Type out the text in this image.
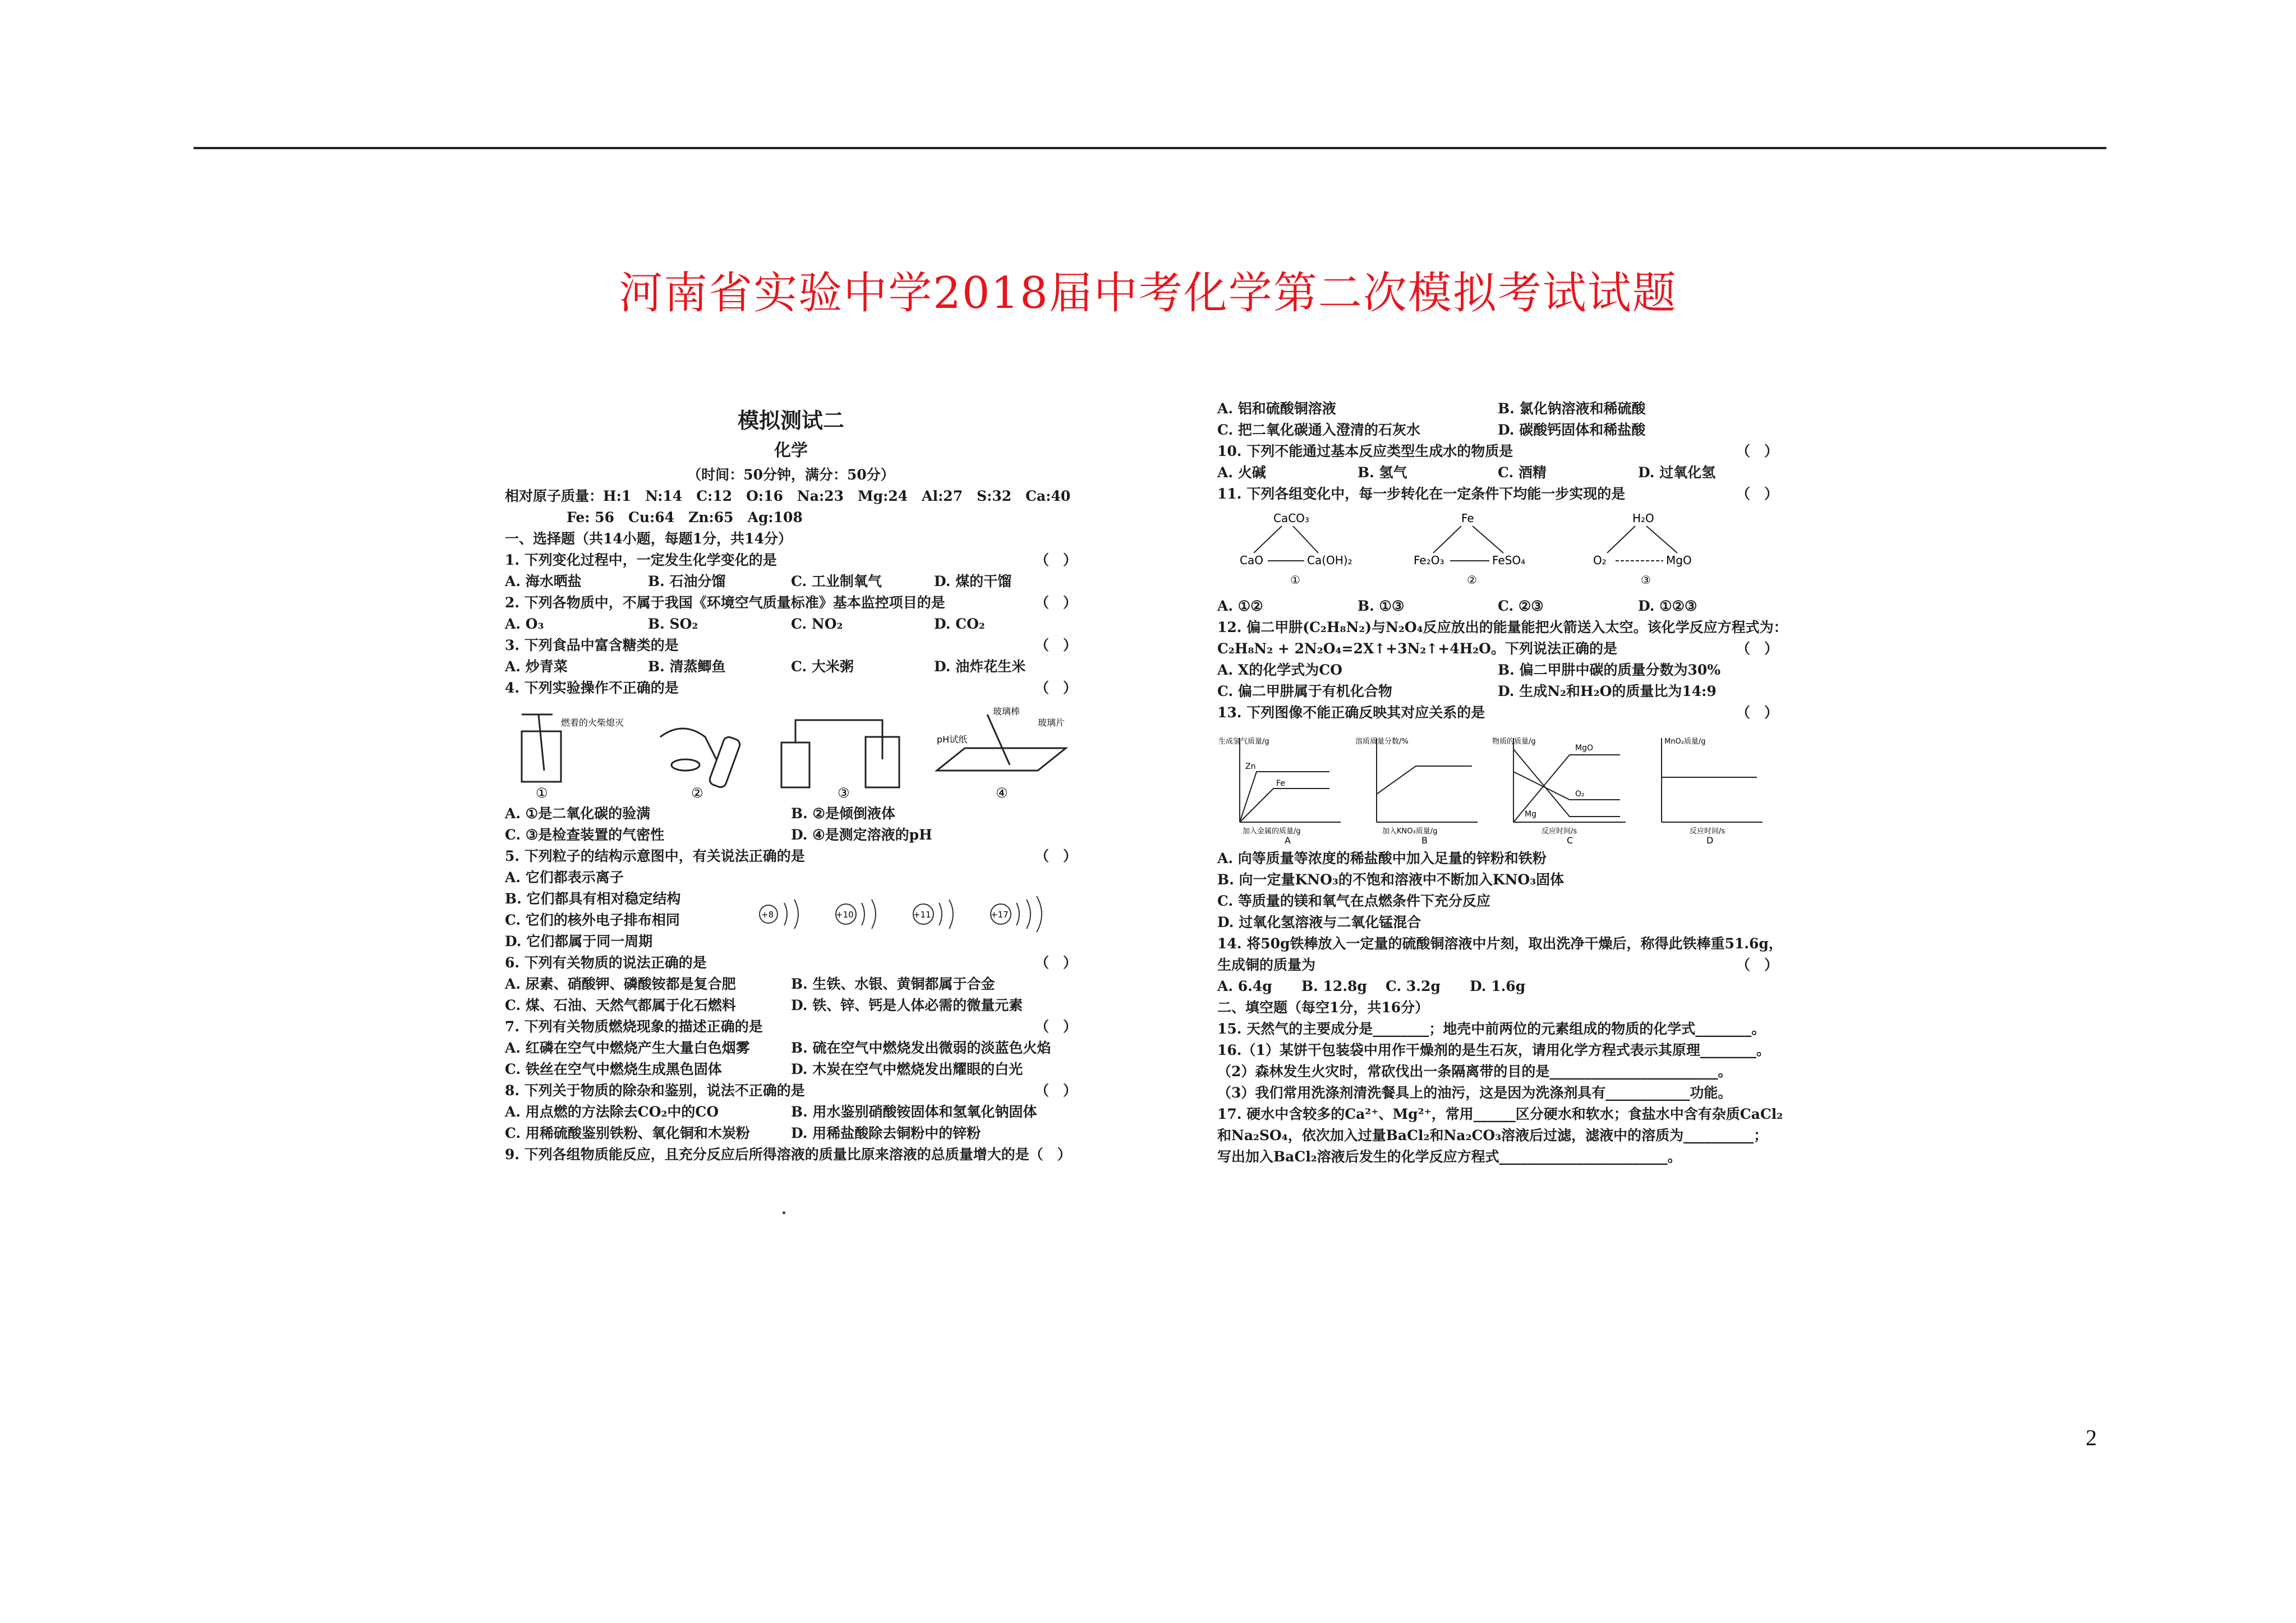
河南省实验中学2018届中考化学第二次模拟考试试题

模拟测试二

化学

（时间：50分钟，满分：50分）

相对原子质量：H:1　N:14　C:12　O:16　Na:23　Mg:24　Al:27　S:32　Ca:40

Fe: 56　Cu:64　Zn:65　Ag:108

一、选择题（共14小题，每题1分，共14分）

1. 下列变化过程中，一定发生化学变化的是	（　）

A. 海水晒盐	B. 石油分馏	C. 工业制氧气	D. 煤的干馏

2. 下列各物质中，不属于我国《环境空气质量标准》基本监控项目的是	（　）

A. O₃	B. SO₂	C. NO₂	D. CO₂

3. 下列食品中富含糖类的是	（　）

A. 炒青菜	B. 清蒸鲫鱼	C. 大米粥	D. 油炸花生米

4. 下列实验操作不正确的是	（　）

燃着的火柴熄灭
①	②	③
玻璃棒
pH试纸
玻璃片
④
A. ①是二氧化碳的验满	B. ②是倾倒液体
C. ③是检查装置的气密性	D. ④是测定溶液的pH

5. 下列粒子的结构示意图中，有关说法正确的是	（　）

A. 它们都表示离子

B. 它们都具有相对稳定结构

C. 它们的核外电子排布相同

D. 它们都属于同一周期

+8	+10	+11	+17

6. 下列有关物质的说法正确的是	（　）

A. 尿素、硝酸钾、磷酸铵都是复合肥	B. 生铁、水银、黄铜都属于合金
C. 煤、石油、天然气都属于化石燃料	D. 铁、锌、钙是人体必需的微量元素

7. 下列有关物质燃烧现象的描述正确的是	（　）

A. 红磷在空气中燃烧产生大量白色烟雾	B. 硫在空气中燃烧发出微弱的淡蓝色火焰
C. 铁丝在空气中燃烧生成黑色固体	D. 木炭在空气中燃烧发出耀眼的白光

8. 下列关于物质的除杂和鉴别，说法不正确的是	（　）

A. 用点燃的方法除去CO₂中的CO	B. 用水鉴别硝酸铵固体和氢氧化钠固体
C. 用稀硫酸鉴别铁粉、氧化铜和木炭粉	D. 用稀盐酸除去铜粉中的锌粉

9. 下列各组物质能反应，且充分反应后所得溶液的质量比原来溶液的总质量增大的是（　）

A. 铝和硫酸铜溶液	B. 氯化钠溶液和稀硫酸
C. 把二氧化碳通入澄清的石灰水	D. 碳酸钙固体和稀盐酸

10. 下列不能通过基本反应类型生成水的物质是	（　）

A. 火碱	B. 氢气	C. 酒精	D. 过氧化氢

11. 下列各组变化中，每一步转化在一定条件下均能一步实现的是	（　）

CaCO₃
CaO	Ca(OH)₂
①
Fe
Fe₂O₃	FeSO₄
②
H₂O
O₂	MgO
③
A. ①②	B. ①③	C. ②③	D. ①②③

12. 偏二甲肼(C₂H₈N₂)与N₂O₄反应放出的能量能把火箭送入太空。该化学反应方程式为：

C₂H₈N₂ + 2N₂O₄=2X↑+3N₂↑+4H₂O。下列说法正确的是	（　）

A. X的化学式为CO	B. 偏二甲肼中碳的质量分数为30%
C. 偏二甲肼属于有机化合物	D. 生成N₂和H₂O的质量比为14:9

13. 下列图像不能正确反映其对应关系的是	（　）

生成氢气质量/g
Zn
Fe
加入金属的质量/g
A
溶质质量分数/%
加入KNO₃质量/g
B
物质的质量/g
MgO
O₂
Mg
反应时间/s
C
MnO₂质量/g
反应时间/s
D

A. 向等质量等浓度的稀盐酸中加入足量的锌粉和铁粉

B. 向一定量KNO₃的不饱和溶液中不断加入KNO₃固体

C. 等质量的镁和氧气在点燃条件下充分反应

D. 过氧化氢溶液与二氧化锰混合

14. 将50g铁棒放入一定量的硫酸铜溶液中片刻，取出洗净干燥后，称得此铁棒重51.6g，

生成铜的质量为	（　）

A. 6.4g	B. 12.8g	C. 3.2g	D. 1.6g

二、填空题（每空1分，共16分）

15. 天然气的主要成分是________；地壳中前两位的元素组成的物质的化学式________。

16.（1）某饼干包装袋中用作干燥剂的是生石灰，请用化学方程式表示其原理________。

（2）森林发生火灾时，常砍伐出一条隔离带的目的是________________________。

（3）我们常用洗涤剂清洗餐具上的油污，这是因为洗涤剂具有____________功能。

17. 硬水中含较多的Ca²⁺、Mg²⁺，常用______区分硬水和软水；食盐水中含有杂质CaCl₂

和Na₂SO₄，依次加入过量BaCl₂和Na₂CO₃溶液后过滤，滤液中的溶质为__________；

写出加入BaCl₂溶液后发生的化学反应方程式________________________。

2
